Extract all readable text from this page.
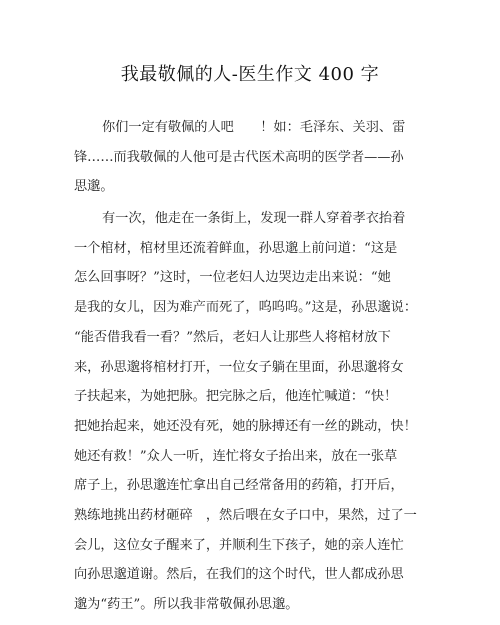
我最敬佩的人-医生作文 400 字
你们一定有敬佩的人吧　　！如：毛泽东、关羽、雷
锋……而我敬佩的人他可是古代医术高明的医学者——孙
思邈。
有一次，他走在一条街上，发现一群人穿着孝衣抬着
一个棺材，棺材里还流着鲜血，孙思邈上前问道：“这是
怎么回事呀？”这时，一位老妇人边哭边走出来说：“她
是我的女儿，因为难产而死了，呜呜呜。”这是，孙思邈说：
“能否借我看一看？”然后，老妇人让那些人将棺材放下
来，孙思邈将棺材打开，一位女子躺在里面，孙思邈将女
子扶起来，为她把脉。把完脉之后，他连忙喊道：“快！
把她抬起来，她还没有死，她的脉搏还有一丝的跳动，快！
她还有救！”众人一听，连忙将女子抬出来，放在一张草
席子上，孙思邈连忙拿出自己经常备用的药箱，打开后，
熟练地挑出药材砸碎　，然后喂在女子口中，果然，过了一
会儿，这位女子醒来了，并顺利生下孩子，她的亲人连忙
向孙思邈道谢。然后，在我们的这个时代，世人都成孙思
邈为“药王”。所以我非常敬佩孙思邈。
